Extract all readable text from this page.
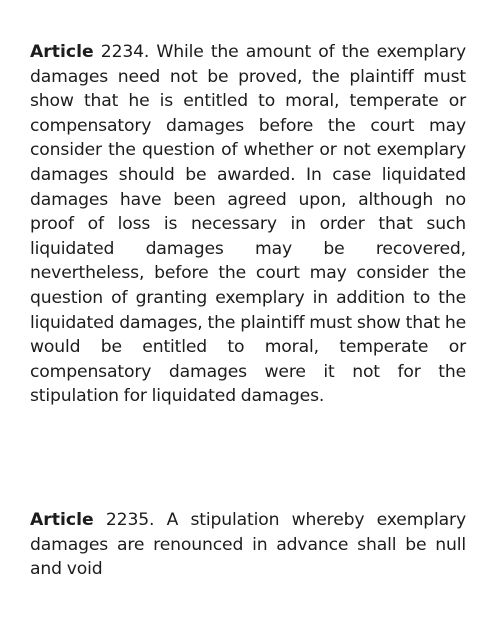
Article 2234. While the amount of the exemplary damages need not be proved, the plaintiff must show that he is entitled to moral, temperate or compensatory damages before the court may consider the question of whether or not exemplary damages should be awarded. In case liquidated damages have been agreed upon, although no proof of loss is necessary in order that such liquidated damages may be recovered, nevertheless, before the court may consider the question of granting exemplary in addition to the liquidated damages, the plaintiff must show that he would be entitled to moral, temperate or compensatory damages were it not for the stipulation for liquidated damages.

Article 2235. A stipulation whereby exemplary damages are renounced in advance shall be null and void
